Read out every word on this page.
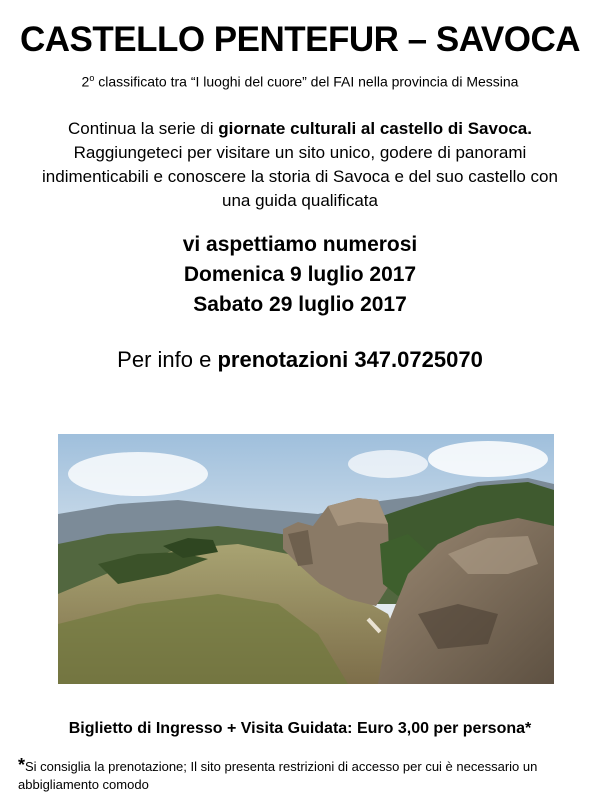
CASTELLO PENTEFUR – SAVOCA
2$^o$ classificato tra “I luoghi del cuore” del FAI nella provincia di Messina
Continua la serie di giornate culturali al castello di Savoca. Raggiungeteci per visitare un sito unico, godere di panorami indimenticabili e conoscere la storia di Savoca e del suo castello con una guida qualificata
vi aspettiamo numerosi
Domenica 9 luglio 2017
Sabato 29 luglio 2017
Per info e prenotazioni 347.0725070
Biglietto di Ingresso + Visita Guidata: Euro 3,00 per persona*
*Si consiglia la prenotazione; Il sito presenta restrizioni di accesso per cui è necessario un abbigliamento comodo
